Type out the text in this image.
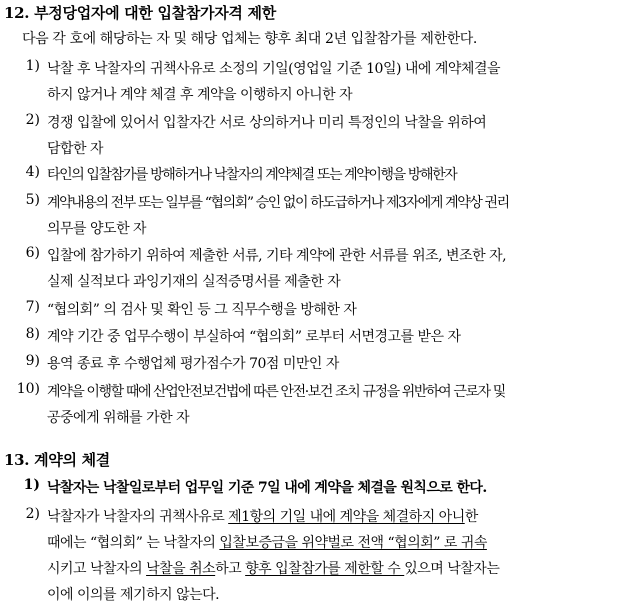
12. 부정당업자에 대한 입찰참가자격 제한
다음 각 호에 해당하는 자 및 해당 업체는 향후 최대 2년 입찰참가를 제한한다.
1) 낙찰 후 낙찰자의 귀책사유로 소정의 기일(영업일 기준 10일) 내에 계약체결을
하지 않거나 계약 체결 후 계약을 이행하지 아니한 자
2) 경쟁 입찰에 있어서 입찰자간 서로 상의하거나 미리 특정인의 낙찰을 위하여
담합한 자
4) 타인의 입찰참가를 방해하거나 낙찰자의 계약체결 또는 계약이행을 방해한자
5) 계약내용의 전부 또는 일부를 “협의회” 승인 없이 하도급하거나 제3자에게 계약상 권리
의무를 양도한 자
6) 입찰에 참가하기 위하여 제출한 서류, 기타 계약에 관한 서류를 위조, 변조한 자,
실제 실적보다 과잉기재의 실적증명서를 제출한 자
7) “협의회” 의 검사 및 확인 등 그 직무수행을 방해한 자
8) 계약 기간 중 업무수행이 부실하여 “협의회” 로부터 서면경고를 받은 자
9) 용역 종료 후 수행업체 평가점수가 70점 미만인 자
10) 계약을 이행할 때에 산업안전보건법에 따른 안전·보건 조치 규정을 위반하여 근로자 및
공중에게 위해를 가한 자
13. 계약의 체결
1) 낙찰자는 낙찰일로부터 업무일 기준 7일 내에 계약을 체결을 원칙으로 한다.
2) 낙찰자가 낙찰자의 귀책사유로 제1항의 기일 내에 계약을 체결하지 아니한
때에는 “협의회” 는 낙찰자의 입찰보증금을 위약벌로 전액 “협의회” 로 귀속
시키고 낙찰자의 낙찰을 취소하고 향후 입찰참가를 제한할 수 있으며 낙찰자는
이에 이의를 제기하지 않는다.
